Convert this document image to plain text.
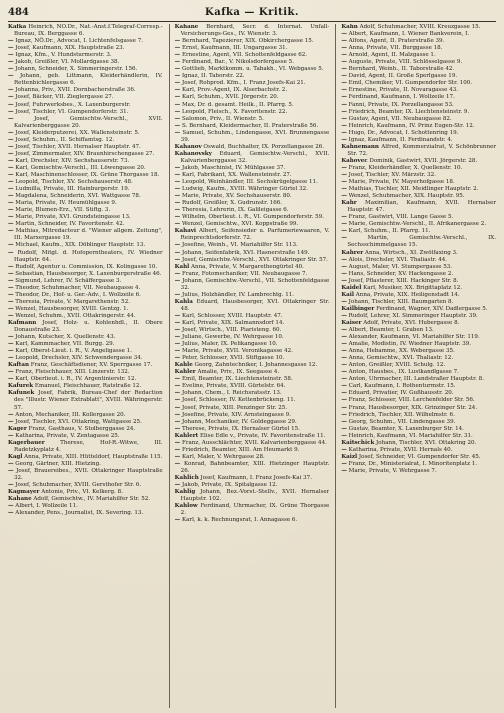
484	Kafka — Kritik.

Kafka Heinrich, NÖ.Dr., Nat.-Anst.f.Telegraf-Corresp.-Bureau, IX. Berggasse 6.

— Ignaz, NÖ.Dr., Advocat, I. Lichtenfelsgasse 7.

— Josef, Kaufmann, XIX. Hauptstraße 23.

— Ignaz, Kfm., V. Hundsturmerstr. 3.

— Jakob, Greißler, VI. Mollardgasse 38.

— Johann, Schneider, X. Simmeringerstr. 156.

— Johann, geb. Littmann, Kleiderhändlerin, IV. Rettenbichlergasse 6.

— Johanna, Priv., XVII. Dornbacherstraße 36.

— Josef, Bäcker, VII. Zieglergasse 27.

— Josef, Fuhrwerksbes., X. Laxenburgerstr.

— Josef, Tischler, VI. Gumpendorferstr. 31.

— Josef, Gemischtw.-Verschl., XVII. Kalvarienberggasse 20.

— Josef, Kleiderputzerei, XX. Wallensteinstr. 5.

— Josef, Schuhm., II. Schiffamtsg. 12.

— Josef, Tischler, XVII. Hernalser Hauptstr. 47.

— Josef, Zimmermaler, XIV. Braunhirschengasse 27.

— Karl, Drechsler, XIV. Sechshauserstr. 73.

— Karl, Gemischtw.-Verschl., III. Löwengasse 20.

— Karl, Maschinenschlosser, IX. Grüne Thorgasse 18.

— Leopold, Tischler, XV. Sechshauserstr. 48.

— Ludmilla, Private, III. Hainburgerstr. 19.

— Magdalena, Schneiderin, XVI. Wattgasse 78.

— Maria, Private, IV. Heumühlgasse 9.

— Marie, Blumen-Erz., VII. Stiftg. 3.

— Marie, Private, XVI. Grundsteingasse 13.

— Martin, Schneider, IV. Favoritenstr. 42.

— Mathias, Mitredacteur d. "Wiener allgem. Zeitung", III. Marxergasse 19.

— Michael, Kaufm., XIX. Döblinger Hauptstr. 13.

— Rudolf, Mitgl. d. Hofoperntheaters, IV. Wiedner Hauptstr. 64.

— Rudolf, Agentur u. Commission, IX. Kolingasse 10.

— Sebastian, Hausbesorger, X. Laxenburgerstraße 46.

— Sigmund, Lehrer, IV. Schäffergasse 3.

— Theodor, Schuhmacher, VII. Neubaugasse 4.

— Theodor, Dr., Hof- u. Ger.-Adv., I. Wollzeile 6.

— Theresia, Private, V. Margarethenstr. 52.

— Wenzel, Hausbesorger, XVIII. Gentzg. 1.

— Wenzel, Schuhm., XVII. Ottakringerstr. 44.

Kafmann Josef, Holz- u. Kohlenhdl., II. Obere Donaustraße 23.

— Johann, Kutscher, X. Quellenstr. 43.

— Karl, Kammmacher, VII. Burgg. 29.

— Karl, Oberst-Lieut. i. R., V. Angeligasse 1.

— Leopold, Drechsler, XIV. Schwendergasse 34.

Kaftan Franz, Geschäftsdiener, XV. Sperrgasse 17.

— Franz, Fleischhauer, XIII. Linzerstr. 132.

— Karl, Oberlieut. i. R., IV. Argentinierstr. 12.

Kafurek Emanuel, Fleischhauer, Ratstraße 12.

Kafunek Josef, Fabrik, Bureau-Chef der Redaction des "Illustr. Wiener Extrablatt", XVIII. Währingerstr. 57.

— Anton, Mechaniker, III. Kollergasse 20.

— Josef, Tischler, XVI. Ottakring, Wattgasse 25.

Kager Franz, Gasthaus, V. Stolberggasse 24.

— Katharina, Private, V. Zentagasse 25.

Kagerbauer Therese, Hof-R.-Witwe, III. Radetzkyplatz 4.

Kagl Anna, Private, XIII. Hütteldorf, Hauptstraße 115.

— Georg, Gärtner, XIII. Hietzing.

— Josef, Brauereibes., XVII. Ottakringer Hauptstraße 32.

— Josef, Schuhmacher, XVIII. Gersthofer Str. 6.

Kagmayer Antonie, Priv., VI. Kelkerg. 8.

Kahane Adolf, Gemischtw., IV. Mariahilfer Str. 52.

— Albert, I. Wollzeile 11.

— Alexander, Pens., Journalist, IX. Severing. 13.

Kahane Bernhard, Secr. d. Internat. Unfall-Versicherungs-Ges., IV. Wienstr. 3.

— Bernhard, Tapezierer, XIX. Obkirchergasse 15.

— Ernst, Kaufmann, III. Ungargasse 31.

— Ernestine, Agent, VII. Schottenfeldgasse 62.

— Ferdinand, Bar., V. Nikolsdorfergasse 5.

— Gottlieb, Marktkomm. u. Tabakh., VI. Webgasse 5.

— Ignaz, II. Taborstr. 22.

— Josef, Rohprod. Kfm., I. Franz Josefs-Kai 21.

— Karl, Prov.-Agent, IX. Alserbachstr. 2.

— Karl, Schuhm., XVII. Jörgerstr. 20.

— Max, Dr. d. gesamt. Heilk., II. Pfarrg. 5.

— Leopold, Fleisch., X. Favoritenstr. 22.

— Salomon, Priv., II. Wienstr. 5.

— S. Bernhard, Kleidermacher, II. Praterstraße 56.

— Samuel, Schuhm., Lindengasse, XVI. Brunnengasse 39.

Kahanov Oswald, Buchhalter, IX. Porzellangasse 26.

Kahanovsky Eduard, Gemischtw.-Verschl., XVII. Kalvarienberggasse 32.

— Jakob, Maschinist, IV. Mühlgasse 37.

— Karl, Fabrikant, XX. Wallensteinstr. 27.

— Leopold, Weinhändler, III. Sechskrügelgasse 11.

— Ludwig, Kaufm., XVIII. Währinger Gürtel 32.

— Marie, Private, XV. Sechshauserstr. 80.

— Rudolf, Greißler, X. Gudrunstr. 166.

— Theresia, Lehrerin, IX. Galileigasse 6.

— Wilhelm, Oberlieut. i. R., VI. Gumpendorferstr. 59.

— Wenzel, Gemischtw., XVI. Koppstraße 99.

Kahavi Albert, Seifensieder u. Parfumeriewaaren, V. Reinprechtsdorferstr. 72.

— Josefine, Weinh., VI. Mariahilfer Str. 113.

— Johann, Seifenfabrik, XVI. Hasnerstraße 149.

— Josef, Gemischtw.-Verschl., XVI. Ottakringer Str. 57.

Kahl Anna, Private, V. Margarethengürtel 40.

— Franz, Fotomechaniker, VII. Neubaugasse 7.

— Johann, Gemischtw.-Verschl., VII. Schottenfeldgasse 32.

— Julius, Holzhändler, IV. Lambrechtg. 11.

Kahla Eduard, Hausbesorger, XVI. Ottakringer Str. 48.

— Karl, Schlosser, XVIII. Hauptstr. 47.

— Karl, Private, XIX. Salmannsdorf 14.

— Josef, Wirtsch., VIII. Piaristeng. 60.

— Juliane, Gewerbe, IV. Wehrgasse 10.

— Julius, Maler, IX. Pelikangasse 10.

— Marie, Private, XVII. Veronikagasse 42.

— Peter, Schlosser, XVII. Stiftgasse 10.

Kahle Georg, Zahntechniker, I. Johannesgasse 12.

Kahler Amalie, Priv., IX. Seegasse 4.

— Emil, Beamter, IX. Liechtensteinstr. 58.

— Eveline, Private, XVIII. Gürtelstr. 64.

— Johann, Chem., I. Reichsratsstr. 13.

— Josef, Schlosser, IV. Kettenbrückeng. 11.

— Josef, Private, XIII. Penzinger Str. 25.

— Josefine, Private, XIV. Arnsteingasse 9.

— Johann, Mechaniker, IV. Goldeggasse 29.

— Therese, Private, IX. Hernalser Gürtel 15.

Kahlert Elise Edle v., Private, IV. Favoritenstraße 11.

— Franz, Ausschlächter, XVII. Kalvarienberggasse 44.

— Friedrich, Beamter, XIII. Am Heumarkt 9.

— Karl, Maler, V. Wehrgasse 28.

— Konrad, Bahnbeamter, XIII. Hietzinger Hauptstr. 26.

Kahlich Josef, Kaufmann, I. Franz Josefs-Kai 37.

— Jakob, Private, IX. Spitalgasse 12.

Kahlig Johann, Bez.-Vorst.-Stellv., XVII. Hernalser Hauptstr. 102.

Kahlow Ferdinand, Uhrmacher, IX. Grüne Thorgasse 2.

— Karl, k. k. Rechnungsrat, I. Annagasse 6.

Kahn Adolf, Schuhmacher, XVIII. Kreuzgasse 15.

— Albert, Kaufmann, I. Wiener Bankverein, I.

— Alfons, Agent, II. Praterstraße 39.

— Anna, Private, VII. Burggasse 18.

— Arnold, Agent, II. Malzgasse 1.

— Auguste, Private, VIII. Schlösselgasse 9.

— Bernhard, Weinh., II. Taborstraße 42.

— David, Agent, II. Große Sperlgasse 19.

— Emil, Chemiker, VI. Gumpendorfer Str. 100.

— Ernestine, Private, II. Novaragasse 43.

— Ferdinand, Kaufmann, I. Wollzeile 17.

— Fanni, Private, IX. Porzellangasse 53.

— Friedrich, Beamter, IX. Liechtensteinstr. 9.

— Gustav, Agent, VII. Neubaugasse 82.

— Heinrich, Kaufmann, IV. Prinz Eugen-Str. 12.

— Hugo, Dr., Advocat, I. Schottenring 19.

— Ignaz, Kaufmann, II. Ferdinandstr. 4.

Kahnemann Alfred, Kommerzialrat, V. Schönbrunner Str. 72.

Kahovec Dominik, Gastwirt, XVII. Jörgerstr. 28.

— Franz, Kleiderhändler, X. Quellenstr. 10.

— Josef, Tischler, XV. Märzstr. 32.

— Marie, Private, IV. Mayerhofgasse 18.

— Mathias, Tischler, XII. Meidlinger Hauptstr. 2.

— Wenzel, Schuhmacher, XIX. Hauptstr. 95.

Kahr Maximilian, Kaufmann, XVII. Hernalser Hauptstr. 47.

— Franz, Gastwirt, VIII. Lange Gasse 5.

— Marie, Gemischtw.-Verschl., II. Afrikanergasse 2.

— Karl, Schuhm., II. Pfarrg. 11.

— Martin, Gemischtw.-Verschl., IX. Sechsschimmelgasse 15.

Kahrer Anna, Wirtsch., XI. Zwölfaxing 3.

— Alois, Drechsler, XVI. Thaliastr. 44.

— August, Maler, VI. Stumpergasse 53.

— Hans, Schneider, XV. Hackengasse 2.

— Josef, Pflasterer, XIII. Hackinger Str. 8.

Kaidel Karl, Musiker, XX. Brigittaplatz 12.

Kail Anna, Private, XIX. Heiligenstadt 14.

— Johann, Tischler, XIII. Baumgarten 8.

Kailbinger Ferdinand, Wagner, XIV. Dadlergasse 5.

— Rudolf, Lehrer, XI. Simmeringer Hauptstr. 39.

Kaiser Adolf, Private, XVI. Hubergasse 8.

— Albert, Beamter, I. Graben 13.

— Alexander, Kaufmann, VI. Mariahilfer Str. 119.

— Amalie, Modistin, IV. Wiedner Hauptstr. 39.

— Anna, Hebamme, XX. Webergasse 35.

— Anna, Gemischtw., XVI. Thaliastr. 12.

— Anton, Greißler, XVIII. Schulg. 12.

— Anton, Hausbes., IX. Lustkandlgasse 7.

— Anton, Uhrmacher, III. Landstraßer Hauptstr. 8.

— Carl, Kaufmann, I. Rothenturmstr. 15.

— Eduard, Privatier, IV. Gußhausstr. 20.

— Franz, Schlosser, VIII. Lerchenfelder Str. 56.

— Franz, Hausbesorger, XIX. Grinzinger Str. 24.

— Friedrich, Tischler, XII. Wilhelmstr. 6.

— Georg, Schuhm., VII. Lindengasse 39.

— Gustav, Beamter, X. Laxenburger Str. 14.

— Heinrich, Kaufmann, VI. Mariahilfer Str. 31.

Kaitschick Johann, Tischler, XVI. Ottakring 20.

— Katharina, Private, XVII. Hernals 40.

Kaizl Josef, Schneider, VI. Gumpendorfer Str. 45.

— Franz, Dr., Ministerialrat, I. Minoritenplatz 1.

— Marie, Private, V. Wehrgasse 7.
